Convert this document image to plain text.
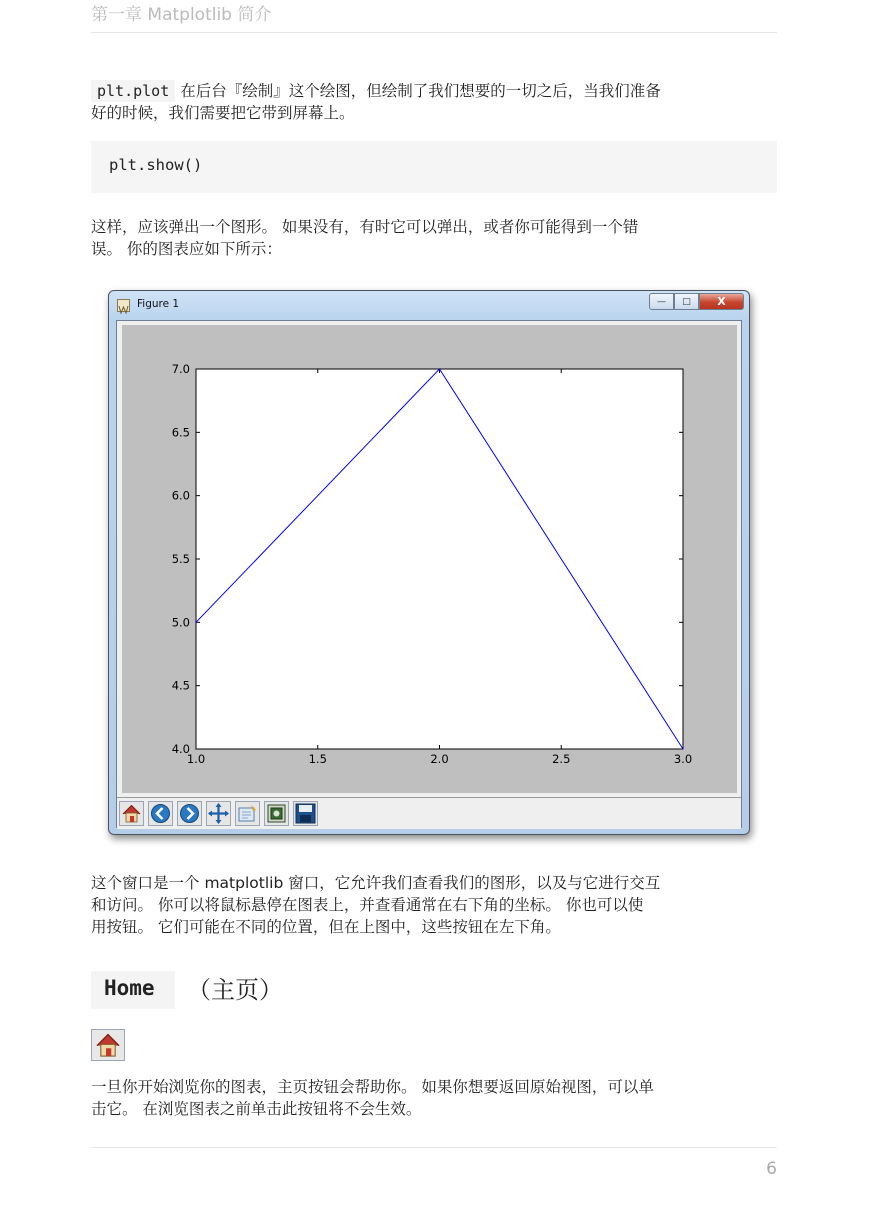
第一章 Matplotlib 简介

plt.plot 在后台『绘制』这个绘图，但绘制了我们想要的一切之后，当我们准备
好的时候，我们需要把它带到屏幕上。

plt.show()

这样，应该弹出一个图形。 如果没有，有时它可以弹出，或者你可能得到一个错
误。 你的图表应如下所示：

Figure 1	— □ X
1.0	1.5	2.0	2.5	3.0
4.0
4.5
5.0
5.5
6.0
6.5
7.0

这个窗口是一个 matplotlib 窗口，它允许我们查看我们的图形，以及与它进行交互
和访问。 你可以将鼠标悬停在图表上，并查看通常在右下角的坐标。 你也可以使
用按钮。 它们可能在不同的位置，但在上图中，这些按钮在左下角。

Home	（主页）

一旦你开始浏览你的图表，主页按钮会帮助你。 如果你想要返回原始视图，可以单
击它。 在浏览图表之前单击此按钮将不会生效。

6
